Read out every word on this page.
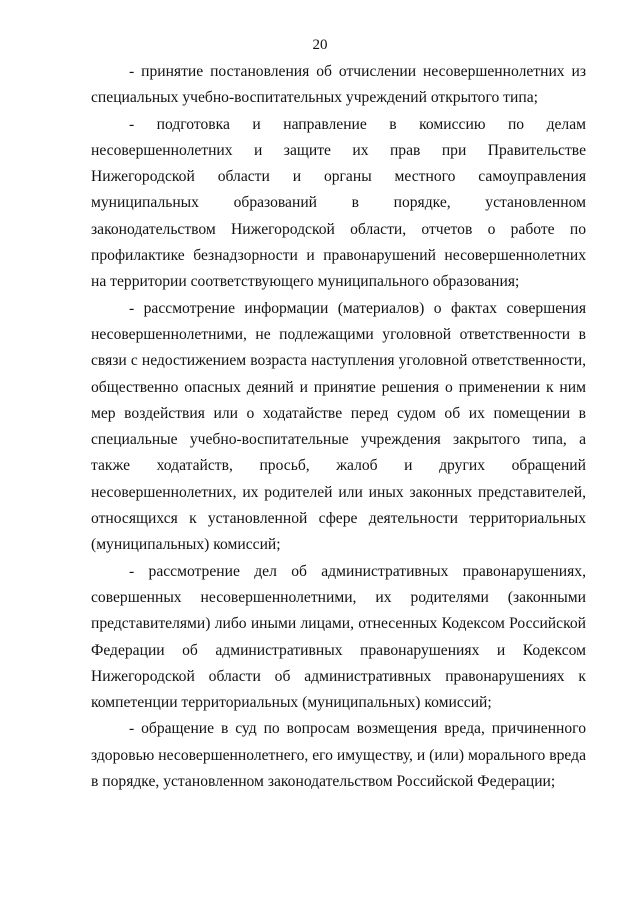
20

- принятие постановления об отчислении несовершеннолетних из специальных учебно-воспитательных учреждений открытого типа;

- подготовка и направление в комиссию по делам несовершеннолетних и защите их прав при Правительстве Нижегородской области и органы местного самоуправления муниципальных образований в порядке, установленном законодательством Нижегородской области, отчетов о работе по профилактике безнадзорности и правонарушений несовершеннолетних на территории соответствующего муниципального образования;

- рассмотрение информации (материалов) о фактах совершения несовершеннолетними, не подлежащими уголовной ответственности в связи с недостижением возраста наступления уголовной ответственности, общественно опасных деяний и принятие решения о применении к ним мер воздействия или о ходатайстве перед судом об их помещении в специальные учебно-воспитательные учреждения закрытого типа, а также ходатайств, просьб, жалоб и других обращений несовершеннолетних, их родителей или иных законных представителей, относящихся к установленной сфере деятельности территориальных (муниципальных) комиссий;

- рассмотрение дел об административных правонарушениях, совершенных несовершеннолетними, их родителями (законными представителями) либо иными лицами, отнесенных Кодексом Российской Федерации об административных правонарушениях и Кодексом Нижегородской области об административных правонарушениях к компетенции территориальных (муниципальных) комиссий;

- обращение в суд по вопросам возмещения вреда, причиненного здоровью несовершеннолетнего, его имуществу, и (или) морального вреда в порядке, установленном законодательством Российской Федерации;
